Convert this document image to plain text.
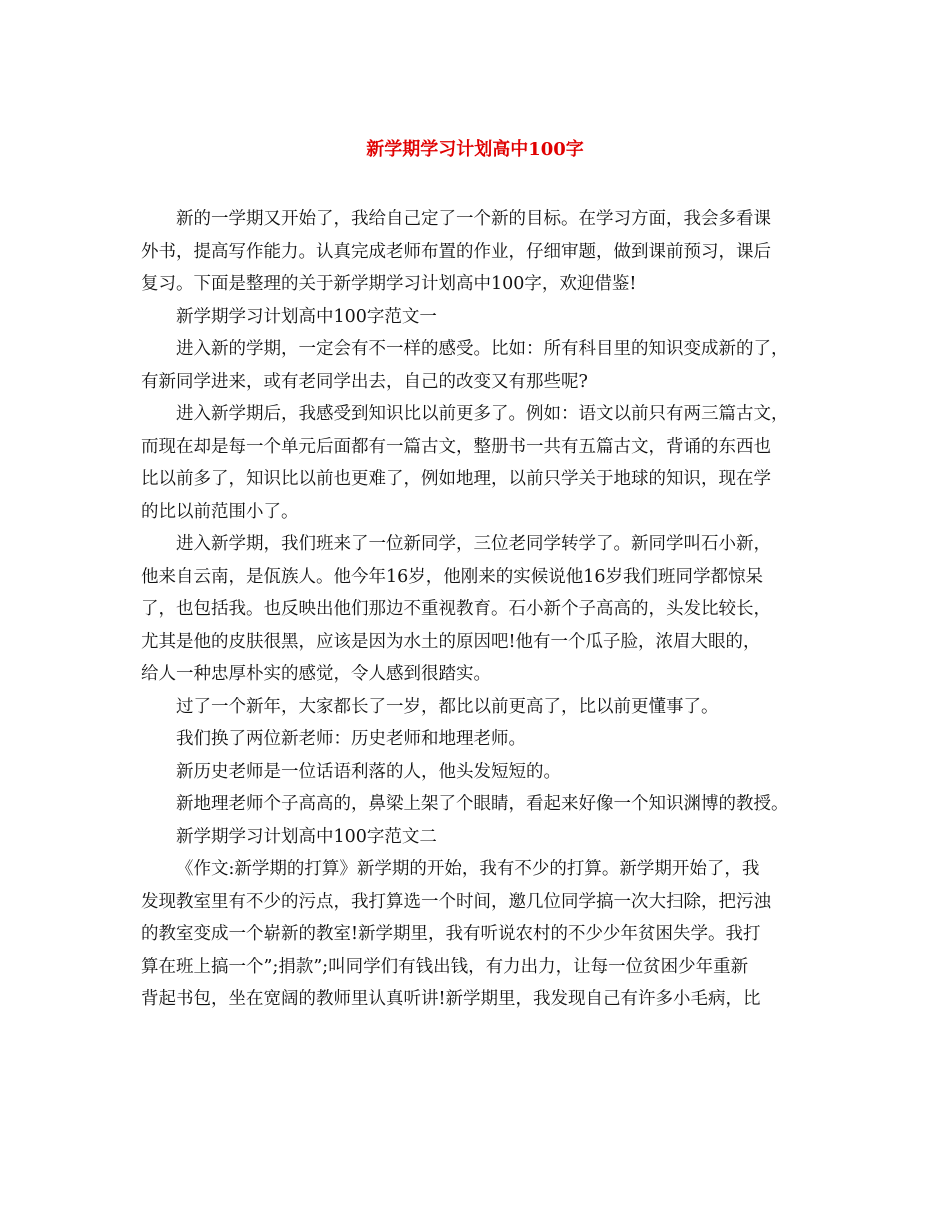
新学期学习计划高中100字
新的一学期又开始了，我给自己定了一个新的目标。在学习方面，我会多看课
外书，提高写作能力。认真完成老师布置的作业，仔细审题，做到课前预习，课后
复习。下面是整理的关于新学期学习计划高中100字，欢迎借鉴!
新学期学习计划高中100字范文一
进入新的学期，一定会有不一样的感受。比如：所有科目里的知识变成新的了，
有新同学进来，或有老同学出去，自己的改变又有那些呢?
进入新学期后，我感受到知识比以前更多了。例如：语文以前只有两三篇古文，
而现在却是每一个单元后面都有一篇古文，整册书一共有五篇古文，背诵的东西也
比以前多了，知识比以前也更难了，例如地理，以前只学关于地球的知识，现在学
的比以前范围小了。
进入新学期，我们班来了一位新同学，三位老同学转学了。新同学叫石小新，
他来自云南，是佤族人。他今年16岁，他刚来的实候说他16岁我们班同学都惊呆
了，也包括我。也反映出他们那边不重视教育。石小新个子高高的，头发比较长，
尤其是他的皮肤很黑，应该是因为水土的原因吧!他有一个瓜子脸，浓眉大眼的，
给人一种忠厚朴实的感觉，令人感到很踏实。
过了一个新年，大家都长了一岁，都比以前更高了，比以前更懂事了。
我们换了两位新老师：历史老师和地理老师。
新历史老师是一位话语利落的人，他头发短短的。
新地理老师个子高高的，鼻梁上架了个眼睛，看起来好像一个知识渊博的教授。
新学期学习计划高中100字范文二
《作文:新学期的打算》新学期的开始，我有不少的打算。新学期开始了，我
发现教室里有不少的污点，我打算选一个时间，邀几位同学搞一次大扫除，把污浊
的教室变成一个崭新的教室!新学期里，我有听说农村的不少少年贫困失学。我打
算在班上搞一个”;捐款”;叫同学们有钱出钱，有力出力，让每一位贫困少年重新
背起书包，坐在宽阔的教师里认真听讲!新学期里，我发现自己有许多小毛病，比
